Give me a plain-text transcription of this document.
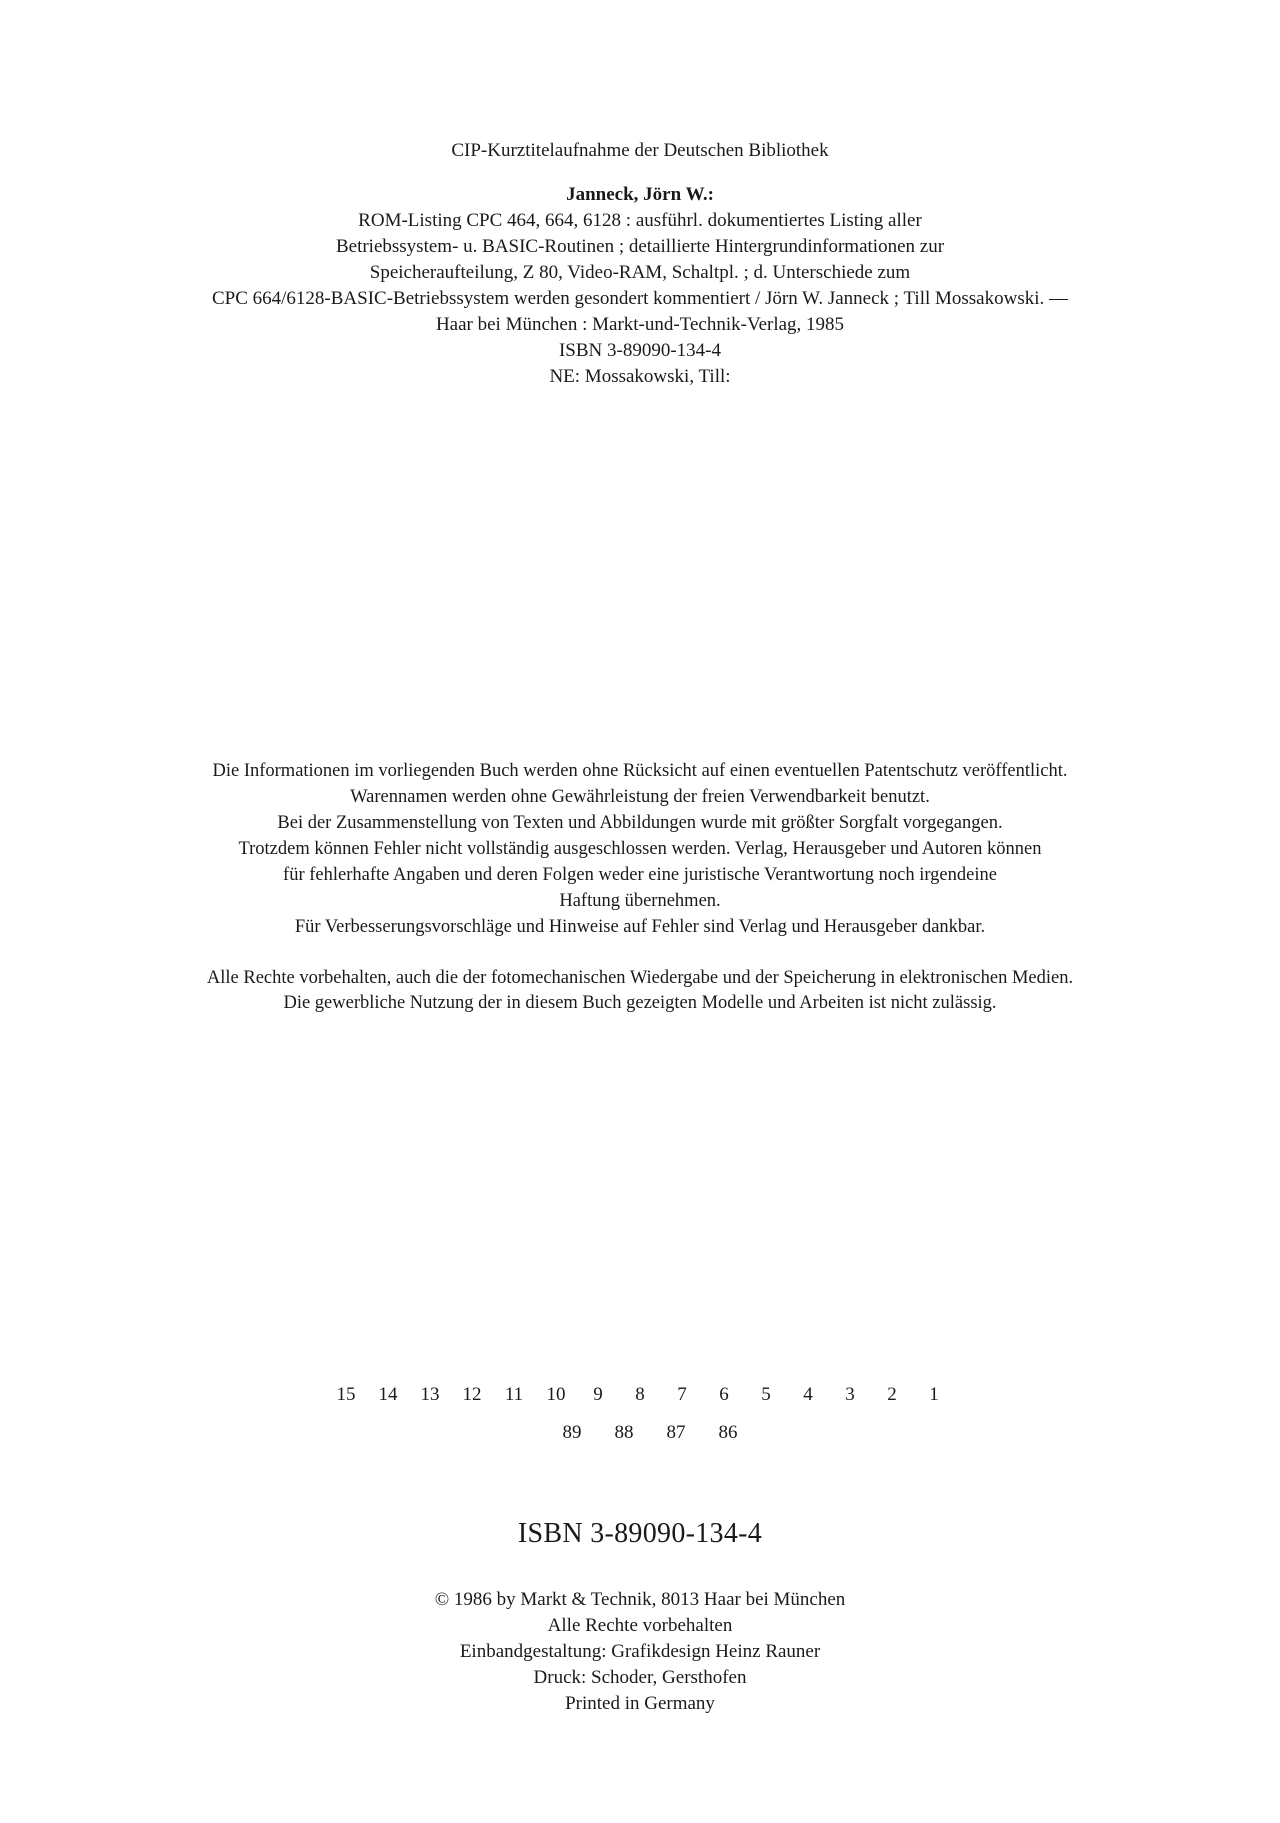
CIP-Kurztitelaufnahme der Deutschen Bibliothek
Janneck, Jörn W.:
ROM-Listing CPC 464, 664, 6128 : ausführl. dokumentiertes Listing aller
Betriebssystem- u. BASIC-Routinen ; detaillierte Hintergrundinformationen zur
Speicheraufteilung, Z 80, Video-RAM, Schaltpl. ; d. Unterschiede zum
CPC 664/6128-BASIC-Betriebssystem werden gesondert kommentiert / Jörn W. Janneck ; Till Mossakowski. —
Haar bei München : Markt-und-Technik-Verlag, 1985
ISBN 3-89090-134-4
NE: Mossakowski, Till:
Die Informationen im vorliegenden Buch werden ohne Rücksicht auf einen eventuellen Patentschutz veröffentlicht.
Warennamen werden ohne Gewährleistung der freien Verwendbarkeit benutzt.
Bei der Zusammenstellung von Texten und Abbildungen wurde mit größter Sorgfalt vorgegangen.
Trotzdem können Fehler nicht vollständig ausgeschlossen werden. Verlag, Herausgeber und Autoren können
für fehlerhafte Angaben und deren Folgen weder eine juristische Verantwortung noch irgendeine
Haftung übernehmen.
Für Verbesserungsvorschläge und Hinweise auf Fehler sind Verlag und Herausgeber dankbar.
Alle Rechte vorbehalten, auch die der fotomechanischen Wiedergabe und der Speicherung in elektronischen Medien.
Die gewerbliche Nutzung der in diesem Buch gezeigten Modelle und Arbeiten ist nicht zulässig.
15	14	13	12	11	10	9	8	7	6	5	4	3	2	1
89	88	87	86
ISBN 3-89090-134-4
© 1986 by Markt & Technik, 8013 Haar bei München
Alle Rechte vorbehalten
Einbandgestaltung: Grafikdesign Heinz Rauner
Druck: Schoder, Gersthofen
Printed in Germany
